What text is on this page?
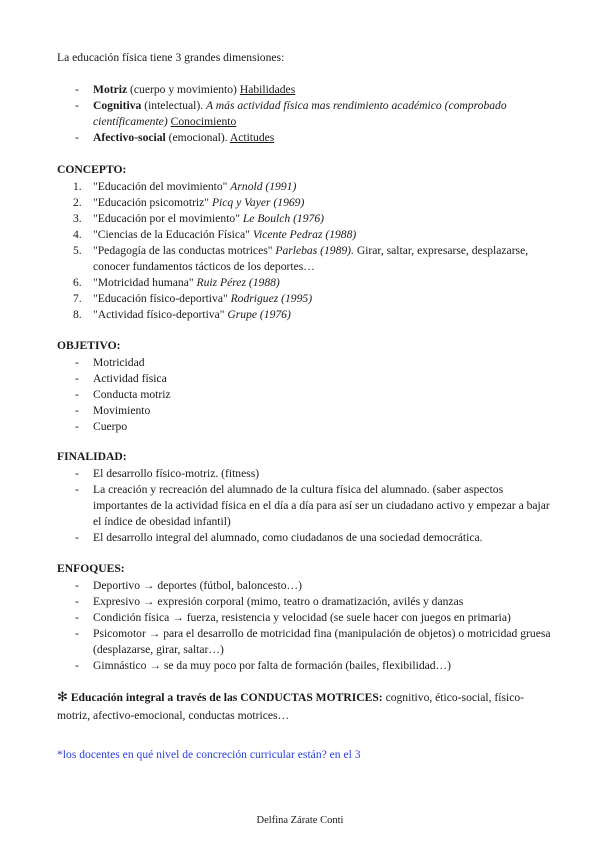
La educación física tiene 3 grandes dimensiones:

- Motriz (cuerpo y movimiento) Habilidades
- Cognitiva (intelectual). A más actividad física mas rendimiento académico (comprobado científicamente) Conocimiento
- Afectivo-social (emocional). Actitudes

CONCEPTO:

1. "Educación del movimiento" Arnold (1991)
2. "Educación psicomotriz" Picq y Vayer (1969)
3. "Educación por el movimiento" Le Boulch (1976)
4. "Ciencias de la Educación Física" Vicente Pedraz (1988)
5. "Pedagogía de las conductas motrices" Parlebas (1989). Girar, saltar, expresarse, desplazarse, conocer fundamentos tácticos de los deportes…
6. "Motricidad humana" Ruiz Pérez (1988)
7. "Educación físico-deportiva" Rodriguez (1995)
8. "Actividad físico-deportiva" Grupe (1976)

OBJETIVO:

- Motricidad
- Actividad física
- Conducta motriz
- Movimiento
- Cuerpo

FINALIDAD:

- El desarrollo físico-motriz. (fitness)
- La creación y recreación del alumnado de la cultura física del alumnado. (saber aspectos importantes de la actividad física en el día a día para así ser un ciudadano activo y empezar a bajar el índice de obesidad infantil)
- El desarrollo integral del alumnado, como ciudadanos de una sociedad democrática.

ENFOQUES:

- Deportivo → deportes (fútbol, baloncesto…)
- Expresivo → expresión corporal (mimo, teatro o dramatización, avilés y danzas
- Condición física → fuerza, resistencia y velocidad (se suele hacer con juegos en primaria)
- Psicomotor → para el desarrollo de motricidad fina (manipulación de objetos) o motricidad gruesa (desplazarse, girar, saltar…)
- Gimnástico → se da muy poco por falta de formación (bailes, flexibilidad…)

✻ Educación integral a través de las CONDUCTAS MOTRICES: cognitivo, ético-social, físico-motriz, afectivo-emocional, conductas motrices…

*los docentes en qué nivel de concreción curricular están? en el 3

Delfina Zárate Conti
